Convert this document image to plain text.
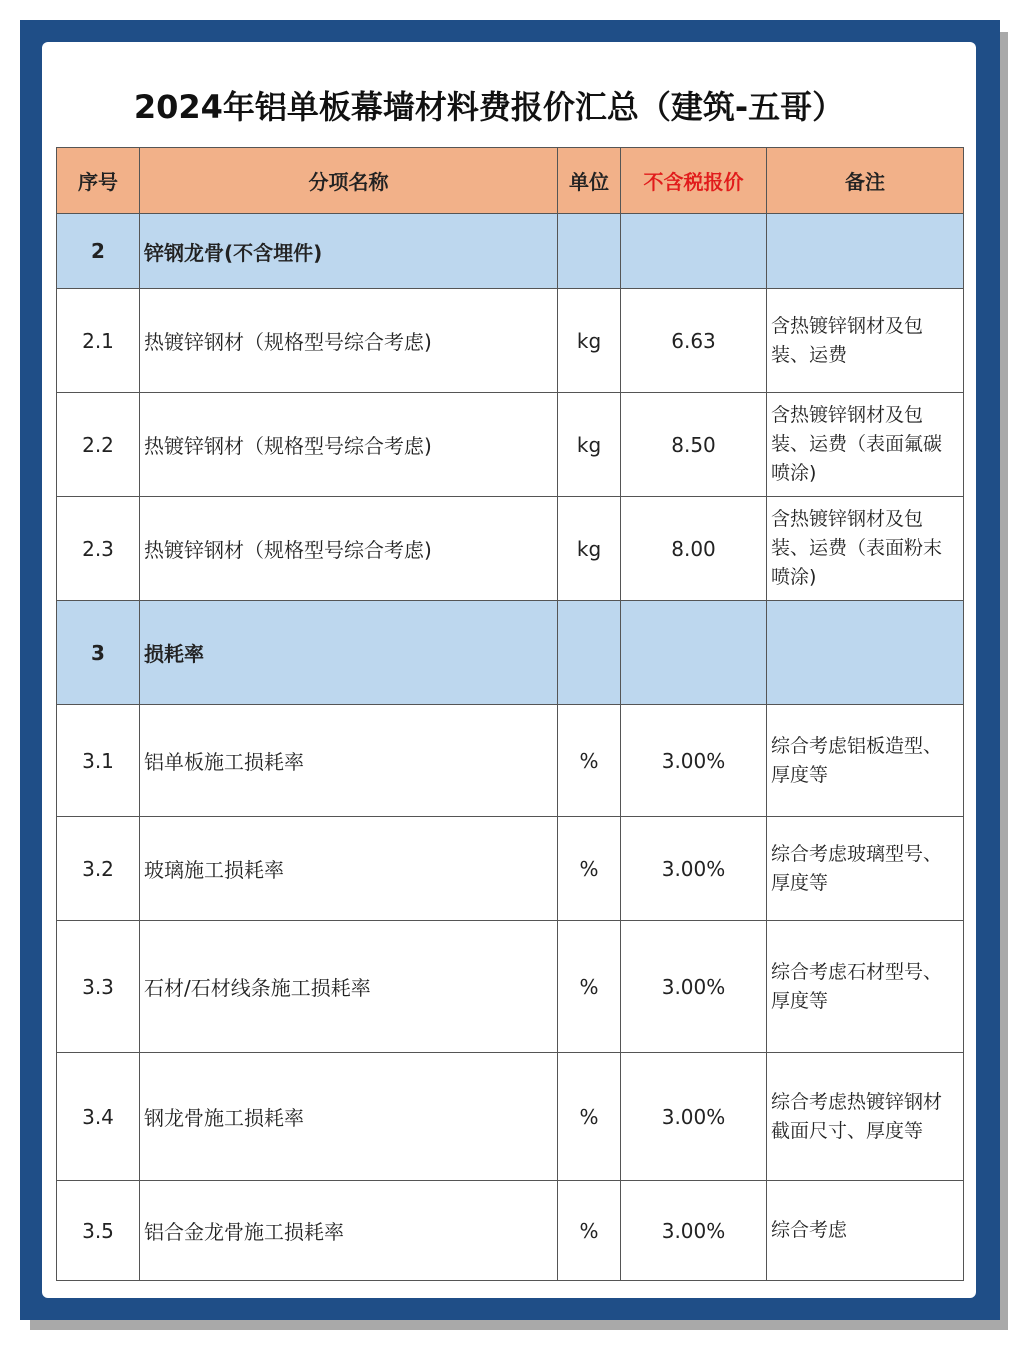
2024年铝单板幕墙材料费报价汇总（建筑-五哥）
序号	分项名称	单位	不含税报价	备注
2	锌钢龙骨(不含埋件)			
2.1	热镀锌钢材（规格型号综合考虑)	kg	6.63	含热镀锌钢材及包装、运费
2.2	热镀锌钢材（规格型号综合考虑)	kg	8.50	含热镀锌钢材及包装、运费（表面氟碳喷涂)
2.3	热镀锌钢材（规格型号综合考虑)	kg	8.00	含热镀锌钢材及包装、运费（表面粉末喷涂)
3	损耗率			
3.1	铝单板施工损耗率	%	3.00%	综合考虑铝板造型、厚度等
3.2	玻璃施工损耗率	%	3.00%	综合考虑玻璃型号、厚度等
3.3	石材/石材线条施工损耗率	%	3.00%	综合考虑石材型号、厚度等
3.4	钢龙骨施工损耗率	%	3.00%	综合考虑热镀锌钢材截面尺寸、厚度等
3.5	铝合金龙骨施工损耗率	%	3.00%	综合考虑
